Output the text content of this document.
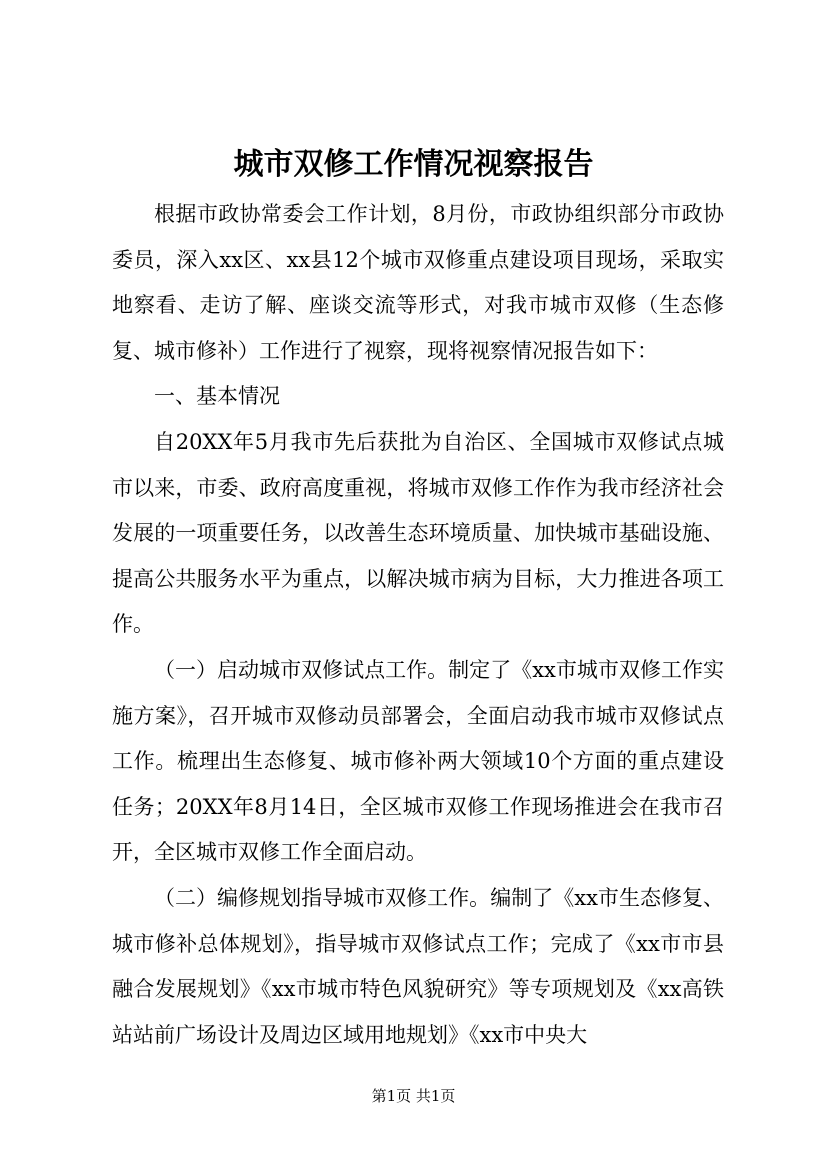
城市双修工作情况视察报告

根据市政协常委会工作计划，8月份，市政协组织部分市政协委员，深入xx区、xx县12个城市双修重点建设项目现场，采取实地察看、走访了解、座谈交流等形式，对我市城市双修（生态修复、城市修补）工作进行了视察，现将视察情况报告如下：

一、基本情况

自20XX年5月我市先后获批为自治区、全国城市双修试点城市以来，市委、政府高度重视，将城市双修工作作为我市经济社会发展的一项重要任务，以改善生态环境质量、加快城市基础设施、提高公共服务水平为重点，以解决城市病为目标，大力推进各项工作。

（一）启动城市双修试点工作。制定了《xx市城市双修工作实施方案》，召开城市双修动员部署会，全面启动我市城市双修试点工作。梳理出生态修复、城市修补两大领域10个方面的重点建设任务；20XX年8月14日，全区城市双修工作现场推进会在我市召开，全区城市双修工作全面启动。

（二）编修规划指导城市双修工作。编制了《xx市生态修复、城市修补总体规划》，指导城市双修试点工作；完成了《xx市市县融合发展规划》《xx市城市特色风貌研究》等专项规划及《xx高铁站站前广场设计及周边区域用地规划》《xx市中央大

第1页 共1页
